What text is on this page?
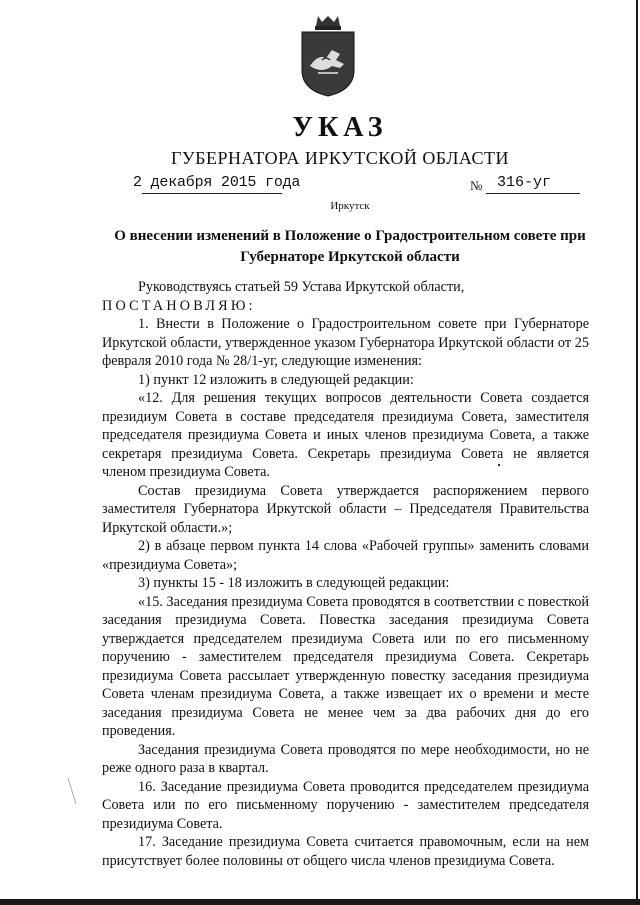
УКАЗ
ГУБЕРНАТОРА ИРКУТСКОЙ ОБЛАСТИ
2 декабря 2015 года	№ 316-уг
Иркутск
О внесении изменений в Положение о Градостроительном совете при
Губернаторе Иркутской области

Руководствуясь статьей 59 Устава Иркутской области,

ПОСТАНОВЛЯЮ:

1. Внести в Положение о Градостроительном совете при Губернаторе Иркутской области, утвержденное указом Губернатора Иркутской области от 25 февраля 2010 года № 28/1-уг, следующие изменения:

1) пункт 12 изложить в следующей редакции:

«12. Для решения текущих вопросов деятельности Совета создается президиум Совета в составе председателя президиума Совета, заместителя председателя президиума Совета и иных членов президиума Совета, а также секретаря президиума Совета. Секретарь президиума Совета не является членом президиума Совета.

Состав президиума Совета утверждается распоряжением первого заместителя Губернатора Иркутской области – Председателя Правительства Иркутской области.»;

2) в абзаце первом пункта 14 слова «Рабочей группы» заменить словами «президиума Совета»;

3) пункты 15 - 18 изложить в следующей редакции:

«15. Заседания президиума Совета проводятся в соответствии с повесткой заседания президиума Совета. Повестка заседания президиума Совета утверждается председателем президиума Совета или по его письменному поручению - заместителем председателя президиума Совета. Секретарь президиума Совета рассылает утвержденную повестку заседания президиума Совета членам президиума Совета, а также извещает их о времени и месте заседания президиума Совета не менее чем за два рабочих дня до его проведения.

Заседания президиума Совета проводятся по мере необходимости, но не реже одного раза в квартал.

16. Заседание президиума Совета проводится председателем президиума Совета или по его письменному поручению - заместителем председателя президиума Совета.

17. Заседание президиума Совета считается правомочным, если на нем присутствует более половины от общего числа членов президиума Совета.
